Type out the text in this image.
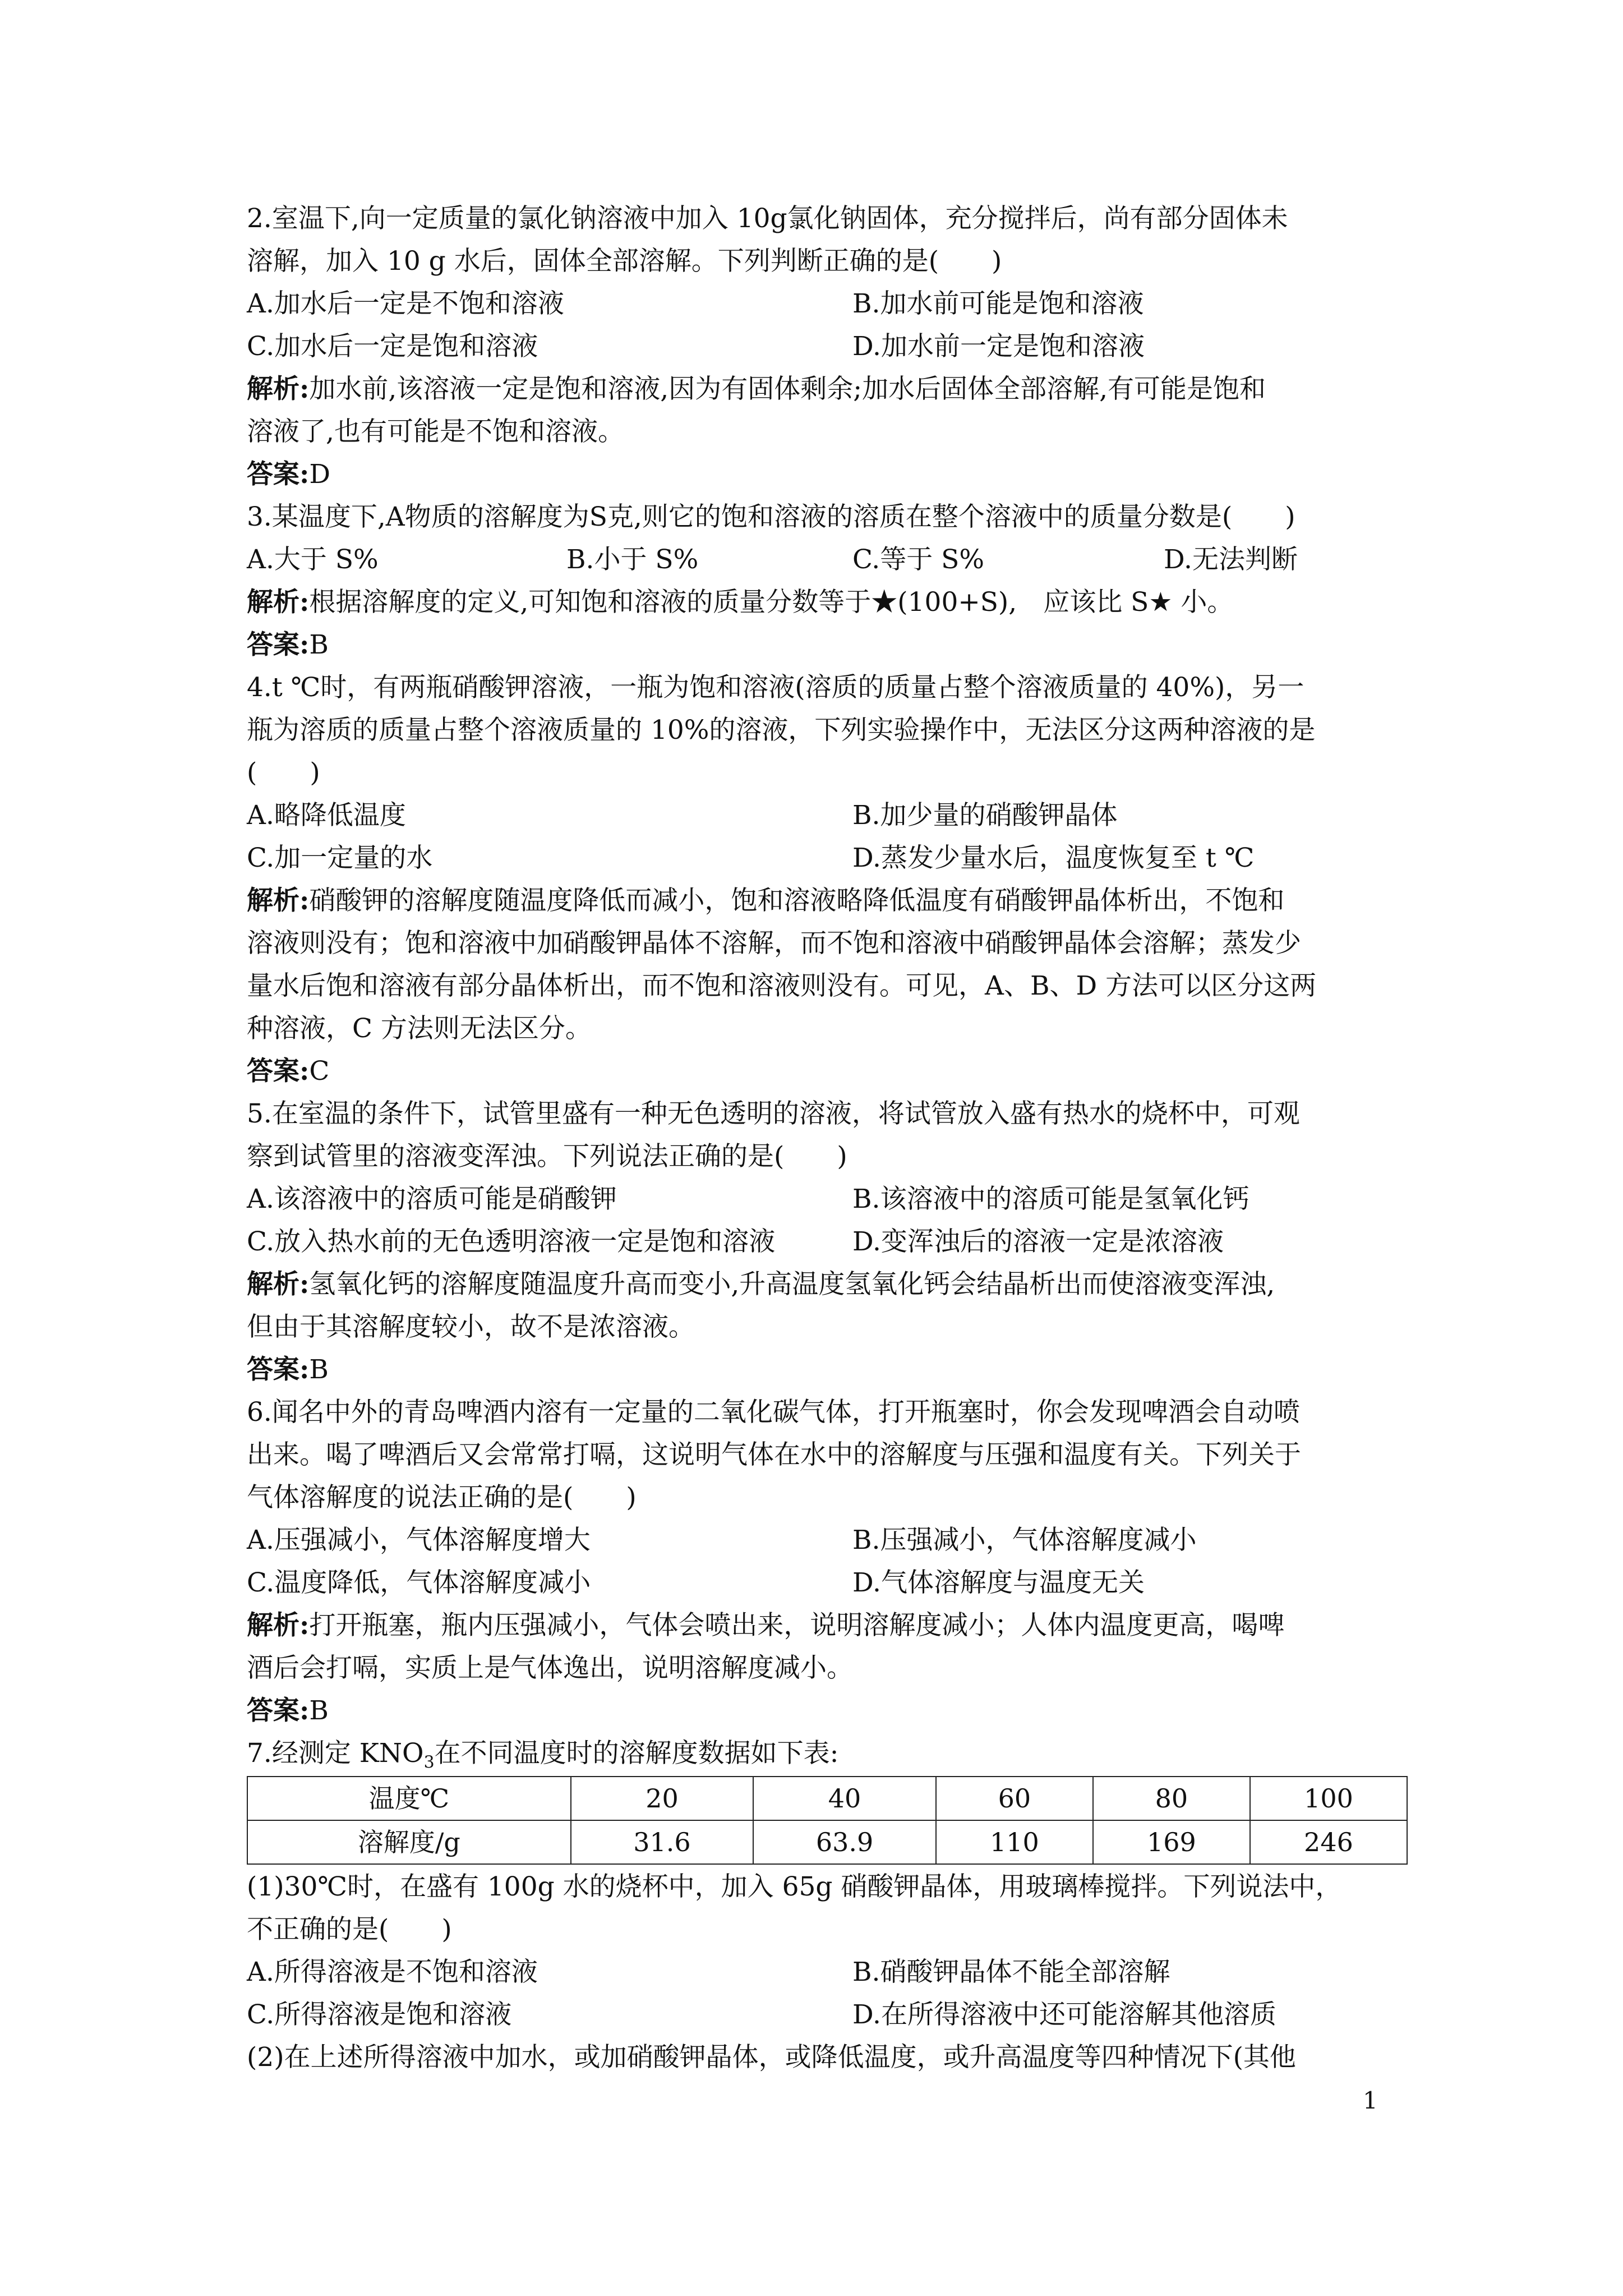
2.室温下,向一定质量的氯化钠溶液中加入 10g氯化钠固体，充分搅拌后，尚有部分固体未
溶解，加入 10 g 水后，固体全部溶解。下列判断正确的是(　　)
A.加水后一定是不饱和溶液	B.加水前可能是饱和溶液
C.加水后一定是饱和溶液	D.加水前一定是饱和溶液
解析:加水前,该溶液一定是饱和溶液,因为有固体剩余;加水后固体全部溶解,有可能是饱和
溶液了,也有可能是不饱和溶液。
答案:D
3.某温度下,A物质的溶解度为S克,则它的饱和溶液的溶质在整个溶液中的质量分数是(　　)
A.大于 S%	B.小于 S%	C.等于 S%	D.无法判断
解析:根据溶解度的定义,可知饱和溶液的质量分数等于★(100+S),　应该比 S★ 小。
答案:B
4.t ℃时，有两瓶硝酸钾溶液，一瓶为饱和溶液(溶质的质量占整个溶液质量的 40%)，另一
瓶为溶质的质量占整个溶液质量的 10%的溶液，下列实验操作中，无法区分这两种溶液的是
(　　)
A.略降低温度	B.加少量的硝酸钾晶体
C.加一定量的水	D.蒸发少量水后，温度恢复至 t ℃
解析:硝酸钾的溶解度随温度降低而减小，饱和溶液略降低温度有硝酸钾晶体析出，不饱和
溶液则没有；饱和溶液中加硝酸钾晶体不溶解，而不饱和溶液中硝酸钾晶体会溶解；蒸发少
量水后饱和溶液有部分晶体析出，而不饱和溶液则没有。可见，A、B、D 方法可以区分这两
种溶液，C 方法则无法区分。
答案:C
5.在室温的条件下，试管里盛有一种无色透明的溶液，将试管放入盛有热水的烧杯中，可观
察到试管里的溶液变浑浊。下列说法正确的是(　　)
A.该溶液中的溶质可能是硝酸钾	B.该溶液中的溶质可能是氢氧化钙
C.放入热水前的无色透明溶液一定是饱和溶液	D.变浑浊后的溶液一定是浓溶液
解析:氢氧化钙的溶解度随温度升高而变小,升高温度氢氧化钙会结晶析出而使溶液变浑浊,
但由于其溶解度较小，故不是浓溶液。
答案:B
6.闻名中外的青岛啤酒内溶有一定量的二氧化碳气体，打开瓶塞时，你会发现啤酒会自动喷
出来。喝了啤酒后又会常常打嗝，这说明气体在水中的溶解度与压强和温度有关。下列关于
气体溶解度的说法正确的是(　　)
A.压强减小，气体溶解度增大	B.压强减小，气体溶解度减小
C.温度降低，气体溶解度减小	D.气体溶解度与温度无关
解析:打开瓶塞，瓶内压强减小，气体会喷出来，说明溶解度减小；人体内温度更高，喝啤
酒后会打嗝，实质上是气体逸出，说明溶解度减小。
答案:B
7.经测定 $KNO_3$在不同温度时的溶解度数据如下表:
温度℃	20	40	60	80	100
溶解度/g	31.6	63.9	110	169	246
(1)30℃时，在盛有 100g 水的烧杯中，加入 65g 硝酸钾晶体，用玻璃棒搅拌。下列说法中，
不正确的是(　　)
A.所得溶液是不饱和溶液	B.硝酸钾晶体不能全部溶解
C.所得溶液是饱和溶液	D.在所得溶液中还可能溶解其他溶质
(2)在上述所得溶液中加水，或加硝酸钾晶体，或降低温度，或升高温度等四种情况下(其他
1
